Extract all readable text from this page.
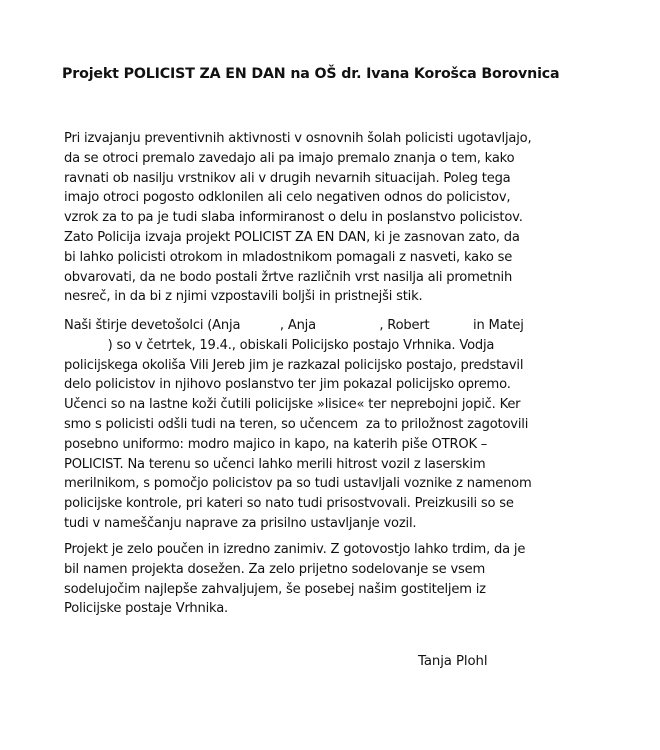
Projekt POLICIST ZA EN DAN na OŠ dr. Ivana Korošca Borovnica
Pri izvajanju preventivnih aktivnosti v osnovnih šolah policisti ugotavljajo,
da se otroci premalo zavedajo ali pa imajo premalo znanja o tem, kako
ravnati ob nasilju vrstnikov ali v drugih nevarnih situacijah. Poleg tega
imajo otroci pogosto odklonilen ali celo negativen odnos do policistov,
vzrok za to pa je tudi slaba informiranost o delu in poslanstvo policistov.
Zato Policija izvaja projekt POLICIST ZA EN DAN, ki je zasnovan zato, da
bi lahko policisti otrokom in mladostnikom pomagali z nasveti, kako se
obvarovati, da ne bodo postali žrtve različnih vrst nasilja ali prometnih
nesreč, in da bi z njimi vzpostavili boljši in pristnejši stik.
Naši štirje devetošolci (Anja          , Anja                , Robert           in Matej
) so v četrtek, 19.4., obiskali Policijsko postajo Vrhnika. Vodja
policijskega okoliša Vili Jereb jim je razkazal policijsko postajo, predstavil
delo policistov in njihovo poslanstvo ter jim pokazal policijsko opremo.
Učenci so na lastne koži čutili policijske »lisice« ter neprebojni jopič. Ker
smo s policisti odšli tudi na teren, so učencem  za to priložnost zagotovili
posebno uniformo: modro majico in kapo, na katerih piše OTROK –
POLICIST. Na terenu so učenci lahko merili hitrost vozil z laserskim
merilnikom, s pomočjo policistov pa so tudi ustavljali voznike z namenom
policijske kontrole, pri kateri so nato tudi prisostvovali. Preizkusili so se
tudi v nameščanju naprave za prisilno ustavljanje vozil.
Projekt je zelo poučen in izredno zanimiv. Z gotovostjo lahko trdim, da je
bil namen projekta dosežen. Za zelo prijetno sodelovanje se vsem
sodelujočim najlepše zahvaljujem, še posebej našim gostiteljem iz
Policijske postaje Vrhnika.
Tanja Plohl
